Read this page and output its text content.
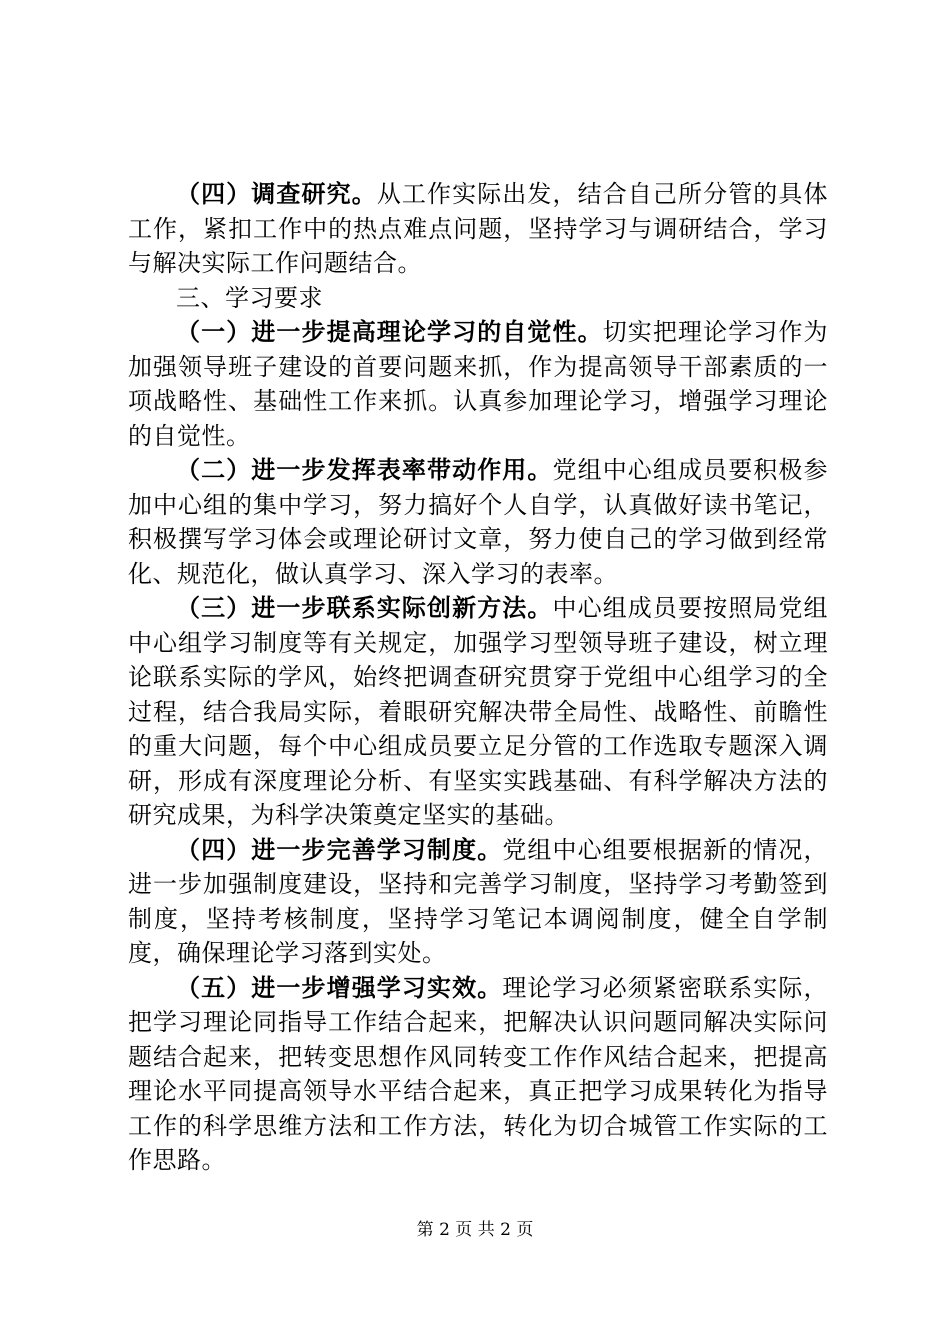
（四）调查研究。从工作实际出发，结合自己所分管的具体工作，紧扣工作中的热点难点问题，坚持学习与调研结合，学习与解决实际工作问题结合。

三、学习要求

（一）进一步提高理论学习的自觉性。切实把理论学习作为加强领导班子建设的首要问题来抓，作为提高领导干部素质的一项战略性、基础性工作来抓。认真参加理论学习，增强学习理论的自觉性。

（二）进一步发挥表率带动作用。党组中心组成员要积极参加中心组的集中学习，努力搞好个人自学，认真做好读书笔记，积极撰写学习体会或理论研讨文章，努力使自己的学习做到经常化、规范化，做认真学习、深入学习的表率。

（三）进一步联系实际创新方法。中心组成员要按照局党组中心组学习制度等有关规定，加强学习型领导班子建设，树立理论联系实际的学风，始终把调查研究贯穿于党组中心组学习的全过程，结合我局实际，着眼研究解决带全局性、战略性、前瞻性的重大问题，每个中心组成员要立足分管的工作选取专题深入调研，形成有深度理论分析、有坚实实践基础、有科学解决方法的研究成果，为科学决策奠定坚实的基础。

（四）进一步完善学习制度。党组中心组要根据新的情况，进一步加强制度建设，坚持和完善学习制度，坚持学习考勤签到制度，坚持考核制度，坚持学习笔记本调阅制度，健全自学制度，确保理论学习落到实处。

（五）进一步增强学习实效。理论学习必须紧密联系实际，把学习理论同指导工作结合起来，把解决认识问题同解决实际问题结合起来，把转变思想作风同转变工作作风结合起来，把提高理论水平同提高领导水平结合起来，真正把学习成果转化为指导工作的科学思维方法和工作方法，转化为切合城管工作实际的工作思路。

第 2 页 共 2 页
